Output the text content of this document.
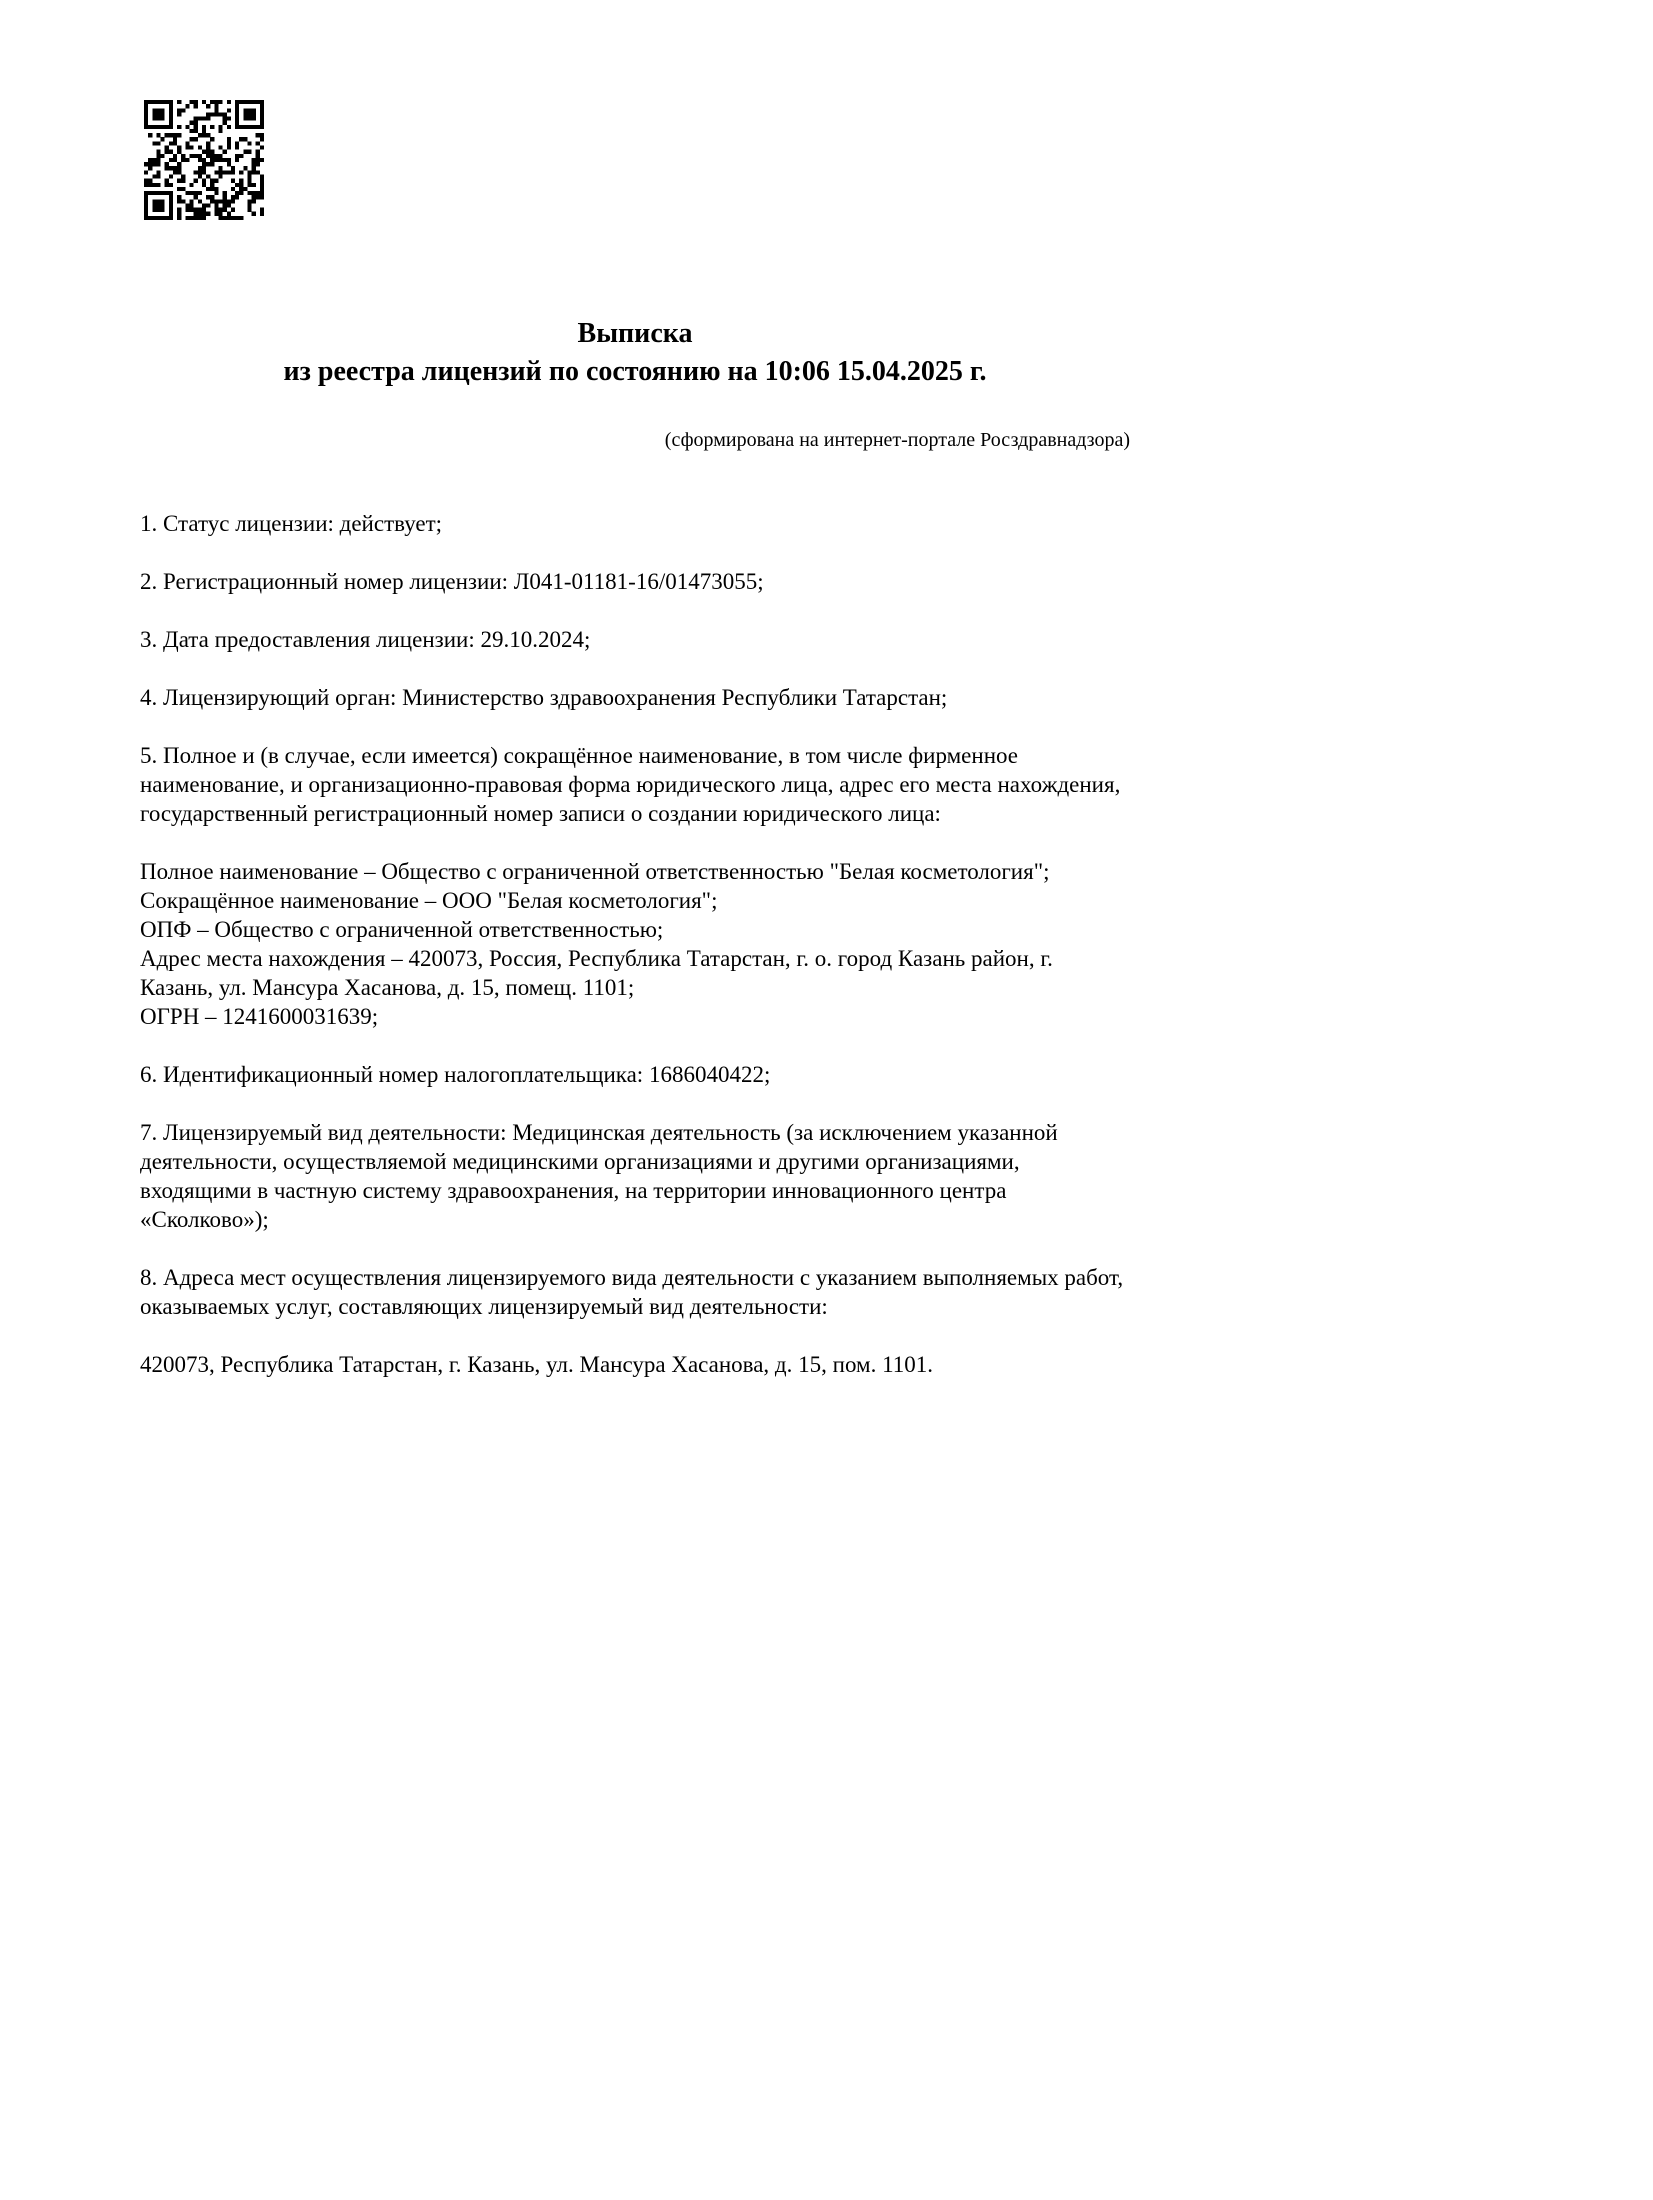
Выписка
из реестра лицензий по состоянию на 10:06 15.04.2025 г.
(сформирована на интернет-портале Росздравнадзора)

1. Статус лицензии: действует;

2. Регистрационный номер лицензии: Л041-01181-16/01473055;

3. Дата предоставления лицензии: 29.10.2024;

4. Лицензирующий орган: Министерство здравоохранения Республики Татарстан;

5. Полное и (в случае, если имеется) сокращённое наименование, в том числе фирменное наименование, и организационно-правовая форма юридического лица, адрес его места нахождения, государственный регистрационный номер записи о создании юридического лица:

Полное наименование – Общество с ограниченной ответственностью "Белая косметология";

Сокращённое наименование – ООО "Белая косметология";

ОПФ – Общество с ограниченной ответственностью;

Адрес места нахождения – 420073, Россия, Республика Татарстан, г. о. город Казань район, г. Казань, ул. Мансура Хасанова, д. 15, помещ. 1101;

ОГРН – 1241600031639;

6. Идентификационный номер налогоплательщика: 1686040422;

7. Лицензируемый вид деятельности: Медицинская деятельность (за исключением указанной деятельности, осуществляемой медицинскими организациями и другими организациями, входящими в частную систему здравоохранения, на территории инновационного центра «Сколково»);

8. Адреса мест осуществления лицензируемого вида деятельности с указанием выполняемых работ, оказываемых услуг, составляющих лицензируемый вид деятельности:

420073, Республика Татарстан, г. Казань, ул. Мансура Хасанова, д. 15, пом. 1101.
